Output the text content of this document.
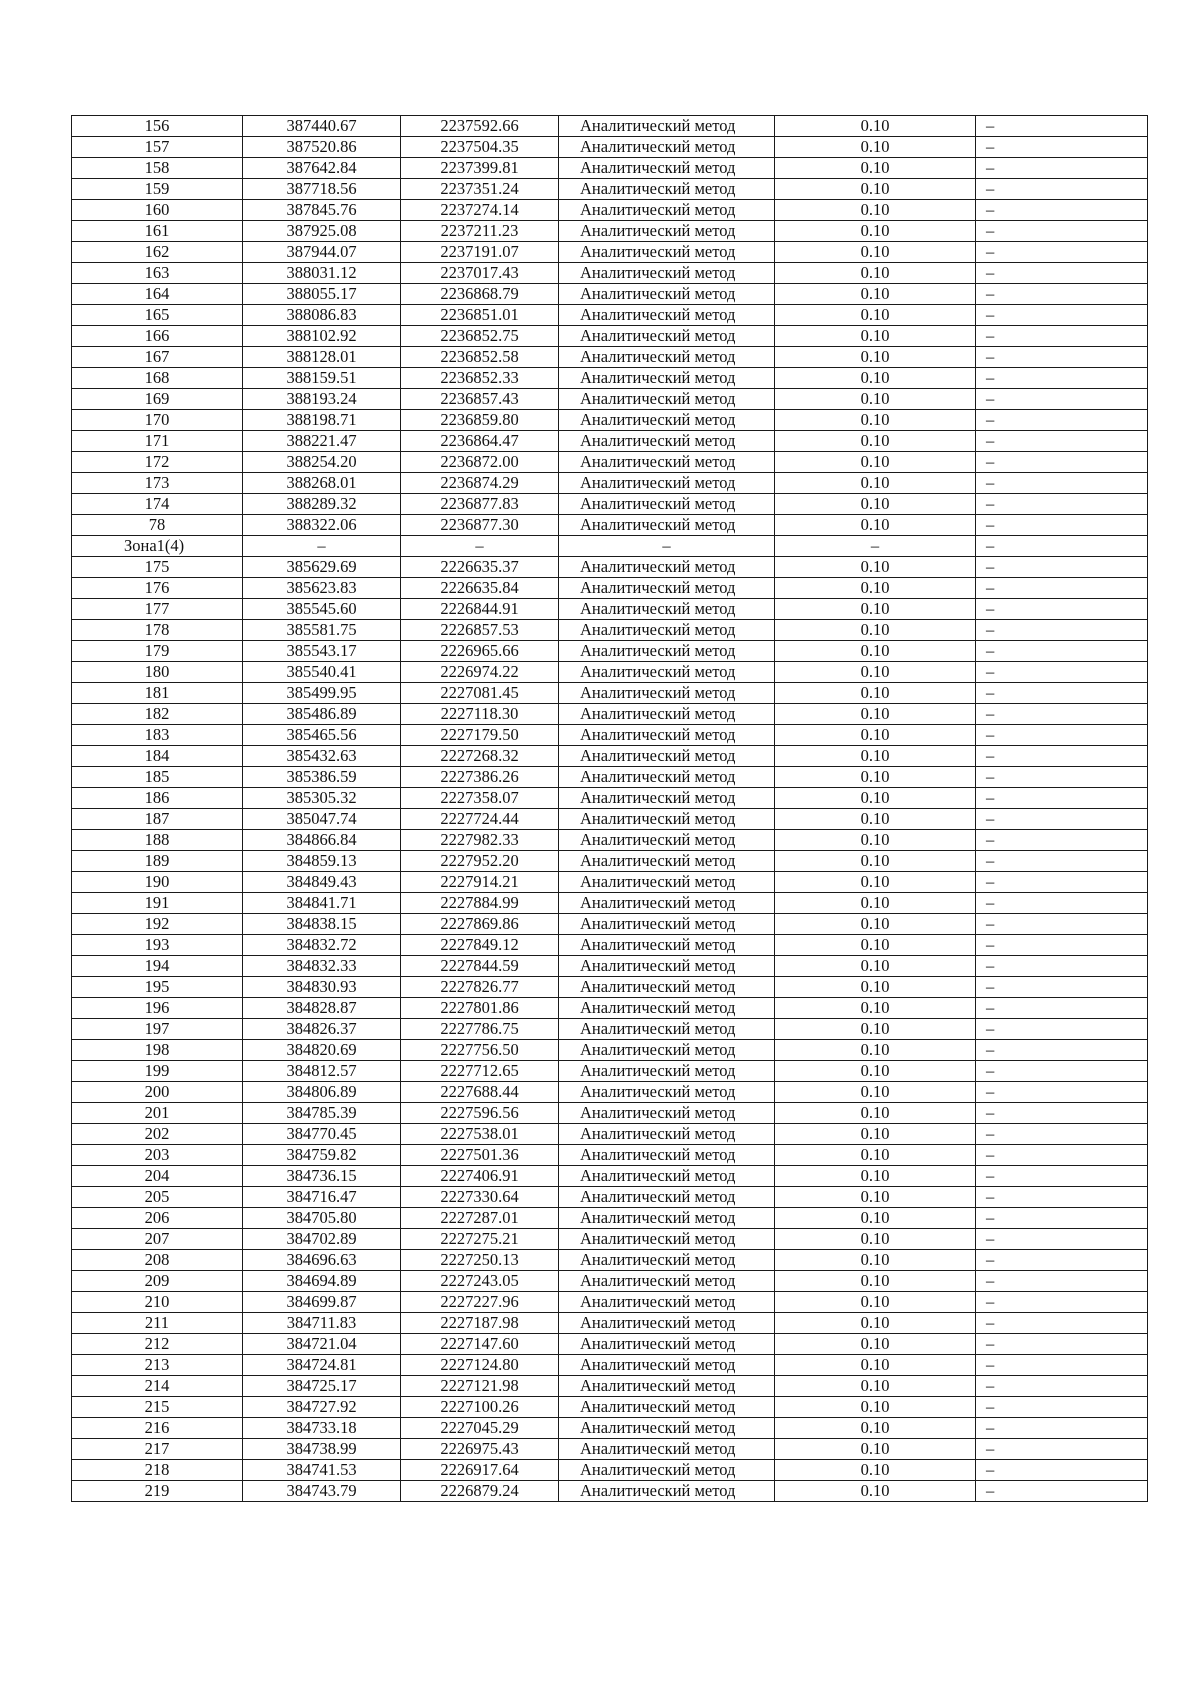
156	387440.67	2237592.66	Аналитический метод	0.10	–
157	387520.86	2237504.35	Аналитический метод	0.10	–
158	387642.84	2237399.81	Аналитический метод	0.10	–
159	387718.56	2237351.24	Аналитический метод	0.10	–
160	387845.76	2237274.14	Аналитический метод	0.10	–
161	387925.08	2237211.23	Аналитический метод	0.10	–
162	387944.07	2237191.07	Аналитический метод	0.10	–
163	388031.12	2237017.43	Аналитический метод	0.10	–
164	388055.17	2236868.79	Аналитический метод	0.10	–
165	388086.83	2236851.01	Аналитический метод	0.10	–
166	388102.92	2236852.75	Аналитический метод	0.10	–
167	388128.01	2236852.58	Аналитический метод	0.10	–
168	388159.51	2236852.33	Аналитический метод	0.10	–
169	388193.24	2236857.43	Аналитический метод	0.10	–
170	388198.71	2236859.80	Аналитический метод	0.10	–
171	388221.47	2236864.47	Аналитический метод	0.10	–
172	388254.20	2236872.00	Аналитический метод	0.10	–
173	388268.01	2236874.29	Аналитический метод	0.10	–
174	388289.32	2236877.83	Аналитический метод	0.10	–
78	388322.06	2236877.30	Аналитический метод	0.10	–
Зона1(4)	–	–	–	–	–
175	385629.69	2226635.37	Аналитический метод	0.10	–
176	385623.83	2226635.84	Аналитический метод	0.10	–
177	385545.60	2226844.91	Аналитический метод	0.10	–
178	385581.75	2226857.53	Аналитический метод	0.10	–
179	385543.17	2226965.66	Аналитический метод	0.10	–
180	385540.41	2226974.22	Аналитический метод	0.10	–
181	385499.95	2227081.45	Аналитический метод	0.10	–
182	385486.89	2227118.30	Аналитический метод	0.10	–
183	385465.56	2227179.50	Аналитический метод	0.10	–
184	385432.63	2227268.32	Аналитический метод	0.10	–
185	385386.59	2227386.26	Аналитический метод	0.10	–
186	385305.32	2227358.07	Аналитический метод	0.10	–
187	385047.74	2227724.44	Аналитический метод	0.10	–
188	384866.84	2227982.33	Аналитический метод	0.10	–
189	384859.13	2227952.20	Аналитический метод	0.10	–
190	384849.43	2227914.21	Аналитический метод	0.10	–
191	384841.71	2227884.99	Аналитический метод	0.10	–
192	384838.15	2227869.86	Аналитический метод	0.10	–
193	384832.72	2227849.12	Аналитический метод	0.10	–
194	384832.33	2227844.59	Аналитический метод	0.10	–
195	384830.93	2227826.77	Аналитический метод	0.10	–
196	384828.87	2227801.86	Аналитический метод	0.10	–
197	384826.37	2227786.75	Аналитический метод	0.10	–
198	384820.69	2227756.50	Аналитический метод	0.10	–
199	384812.57	2227712.65	Аналитический метод	0.10	–
200	384806.89	2227688.44	Аналитический метод	0.10	–
201	384785.39	2227596.56	Аналитический метод	0.10	–
202	384770.45	2227538.01	Аналитический метод	0.10	–
203	384759.82	2227501.36	Аналитический метод	0.10	–
204	384736.15	2227406.91	Аналитический метод	0.10	–
205	384716.47	2227330.64	Аналитический метод	0.10	–
206	384705.80	2227287.01	Аналитический метод	0.10	–
207	384702.89	2227275.21	Аналитический метод	0.10	–
208	384696.63	2227250.13	Аналитический метод	0.10	–
209	384694.89	2227243.05	Аналитический метод	0.10	–
210	384699.87	2227227.96	Аналитический метод	0.10	–
211	384711.83	2227187.98	Аналитический метод	0.10	–
212	384721.04	2227147.60	Аналитический метод	0.10	–
213	384724.81	2227124.80	Аналитический метод	0.10	–
214	384725.17	2227121.98	Аналитический метод	0.10	–
215	384727.92	2227100.26	Аналитический метод	0.10	–
216	384733.18	2227045.29	Аналитический метод	0.10	–
217	384738.99	2226975.43	Аналитический метод	0.10	–
218	384741.53	2226917.64	Аналитический метод	0.10	–
219	384743.79	2226879.24	Аналитический метод	0.10	–
